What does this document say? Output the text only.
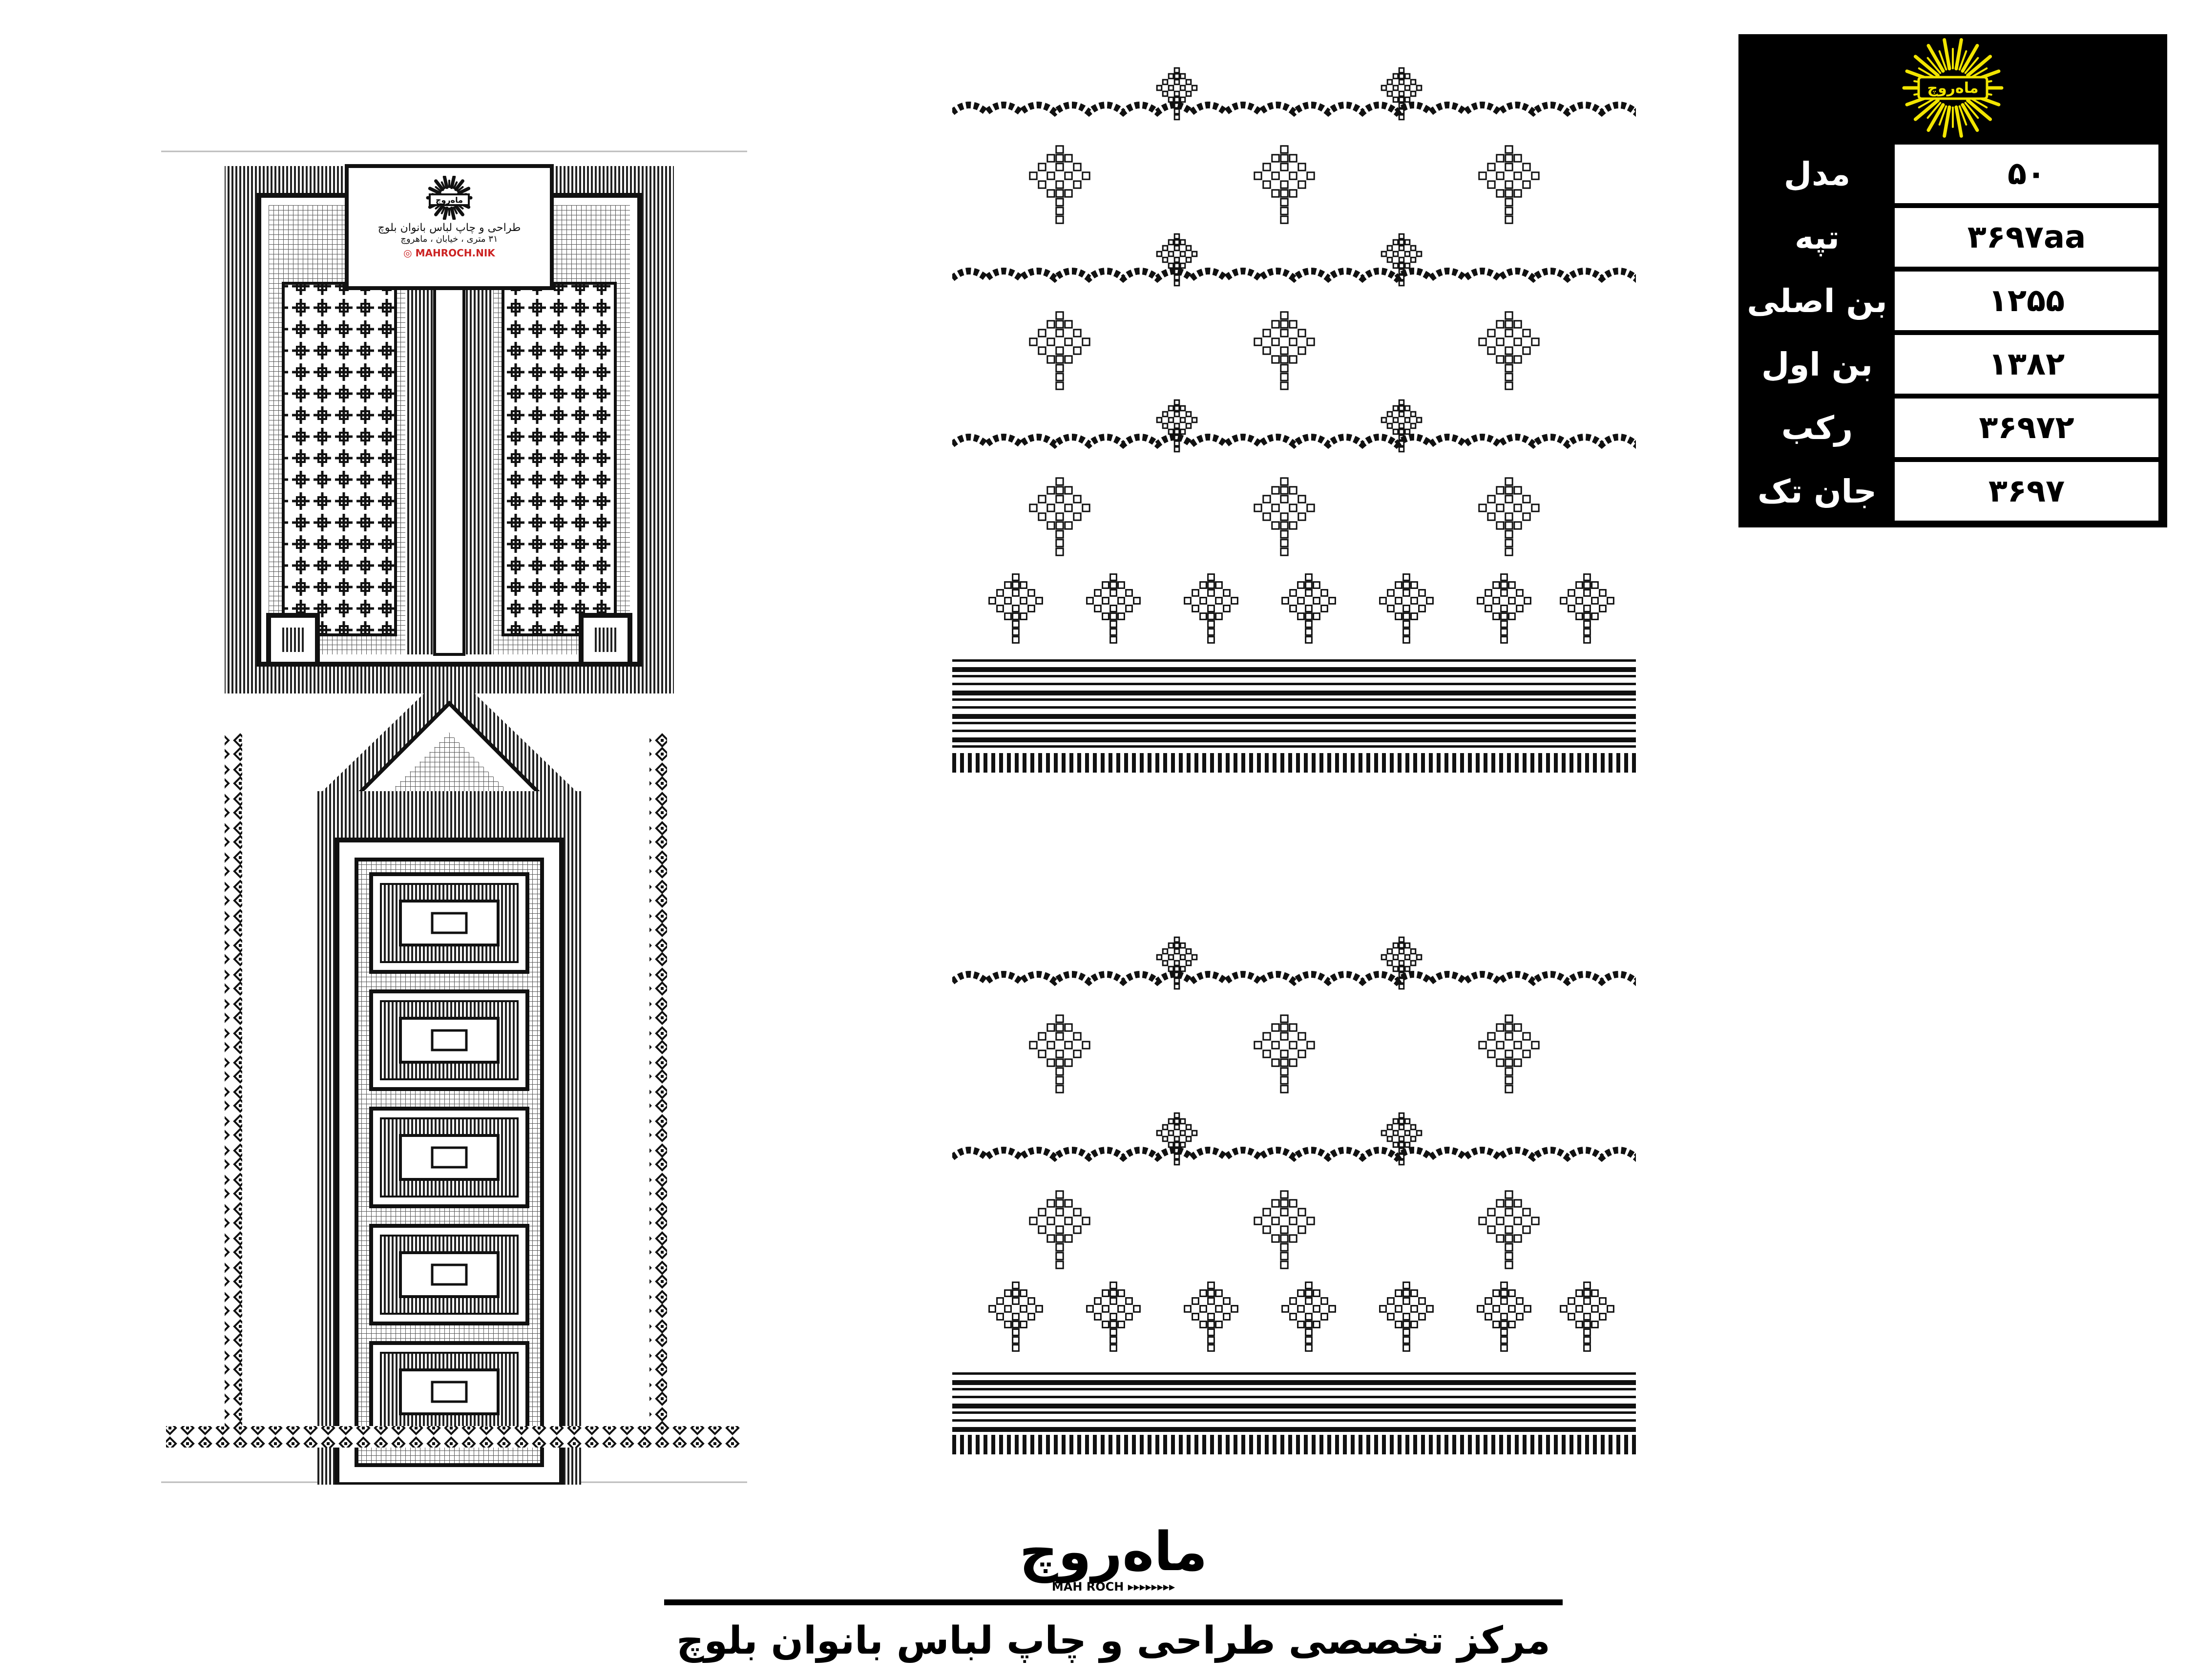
ماه‌روچ
طراحی و چاپ لباس بانوان بلوچ
۳۱ متری ، خیابان ، ماهروچ
◎ MAHROCH.NIK
ماه‌روچ
۵۰
مدل
۳۶۹۷aa
تپه
۱۲۵۵
بن اصلی
۱۳۸۲
بن اول
۳۶۹۷۲
رکب
۳۶۹۷
جان تک
ماه‌روچ
MAH ROCH ▸▸▸▸▸▸▸▸
مرکز تخصصی طراحی و چاپ لباس بانوان بلوچ
